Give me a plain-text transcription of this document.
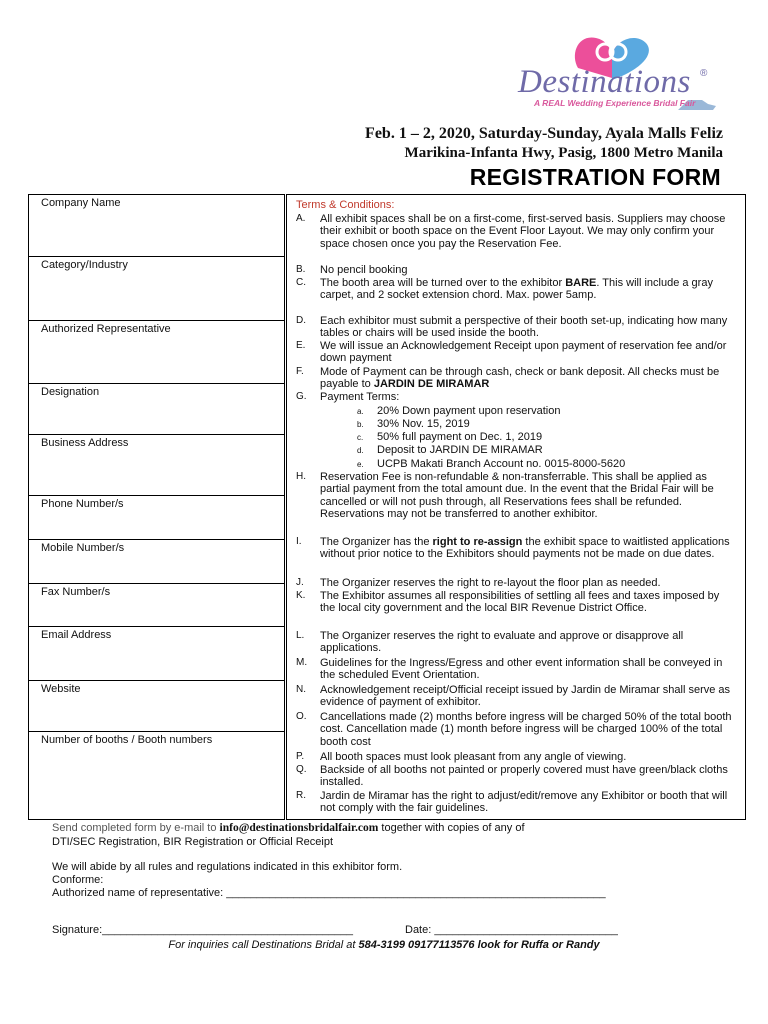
Destinations ®
A REAL Wedding Experience Bridal Fair
Feb. 1 – 2, 2020, Saturday-Sunday, Ayala Malls Feliz
Marikina-Infanta Hwy, Pasig, 1800 Metro Manila
REGISTRATION FORM
Company Name
Category/Industry
Authorized Representative
Designation
Business Address
Phone Number/s
Mobile Number/s
Fax Number/s
Email Address
Website
Number of booths / Booth numbers
Terms & Conditions:
A.	All exhibit spaces shall be on a first-come, first-served basis. Suppliers may choose their exhibit or booth space on the Event Floor Layout. We may only confirm your space chosen once you pay the Reservation Fee.
B.	No pencil booking
C.	The booth area will be turned over to the exhibitor BARE. This will include a gray carpet, and 2 socket extension chord. Max. power 5amp.
D.	Each exhibitor must submit a perspective of their booth set-up, indicating how many tables or chairs will be used inside the booth.
E.	We will issue an Acknowledgement Receipt upon payment of reservation fee and/or down payment
F.	Mode of Payment can be through cash, check or bank deposit. All checks must be payable to JARDIN DE MIRAMAR
G.	Payment Terms:
a. 20% Down payment upon reservation
b. 30% Nov. 15, 2019
c. 50% full payment on Dec. 1, 2019
d. Deposit to JARDIN DE MIRAMAR
e. UCPB Makati Branch Account no. 0015-8000-5620
H.	Reservation Fee is non-refundable & non-transferrable. This shall be applied as partial payment from the total amount due. In the event that the Bridal Fair will be cancelled or will not push through, all Reservations fees shall be refunded. Reservations may not be transferred to another exhibitor.
I.	The Organizer has the right to re-assign the exhibit space to waitlisted applications without prior notice to the Exhibitors should payments not be made on due dates.
J.	The Organizer reserves the right to re-layout the floor plan as needed.
K.	The Exhibitor assumes all responsibilities of settling all fees and taxes imposed by the local city government and the local BIR Revenue District Office.
L.	The Organizer reserves the right to evaluate and approve or disapprove all applications.
M.	Guidelines for the Ingress/Egress and other event information shall be conveyed in the scheduled Event Orientation.
N.	Acknowledgement receipt/Official receipt issued by Jardin de Miramar shall serve as evidence of payment of exhibitor.
O.	Cancellations made (2) months before ingress will be charged 50% of the total booth cost. Cancellation made (1) month before ingress will be charged 100% of the total booth cost
P.	All booth spaces must look pleasant from any angle of viewing.
Q.	Backside of all booths not painted or properly covered must have green/black cloths installed.
R.	Jardin de Miramar has the right to adjust/edit/remove any Exhibitor or booth that will not comply with the fair guidelines.
Send completed form by e-mail to info@destinationsbridalfair.com together with copies of any of
DTI/SEC Registration, BIR Registration or Official Receipt
We will abide by all rules and regulations indicated in this exhibitor form.
Conforme:
Authorized name of representative: ______________________________________________________________
Signature:_________________________________________	Date: ______________________________
For inquiries call Destinations Bridal at 584-3199 09177113576 look for Ruffa or Randy
